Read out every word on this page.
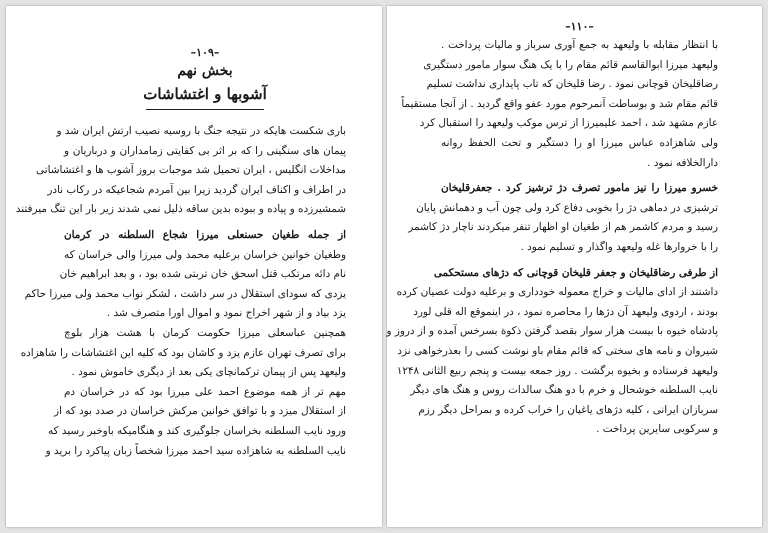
–۱۰۹–
بخش نهم
آشوبها و اغتشاشات
باری شکست هایکه در نتیجه جنگ با روسیه نصیب ارتش ایران شد و
پیمان های سنگینی را که بر اثر بی کفایتی زمامداران و درباریان و
مداخلات انگلیس ، ایران تحمیل شد موجبات بروز آشوب ها و اغتشاشاتی
در اطراف و اکناف ایران گردید زیرا بین آمردم شجاعیکه در رکاب نادر
شمشیرزده و پیاده و ببوده بدین ساقه ذلیل نمی شدند زیر بار این تنگ میرفتند
از جمله طغیان حسنعلی میرزا شجاع السلطنه در کرمان
وطغیان خوانین خراسان برعلیه محمد ولی میرزا والی خراسان که
نام دائه مرتکب قتل اسحق خان تربتی شده بود ، و بعد ابراهیم خان
یزدی که سودای استقلال در سر داشت ، لشکر نواب محمد ولی میرزا حاکم
یزد بیاد و از شهر اخراج نمود و اموال اورا متصرف شد .
همچنین عباسعلی میرزا حکومت کرمان با هشت هزار بلوچ
برای تصرف تهران عازم یزد و کاشان بود که کلیه این اغتشاشات را شاهزاده
ولیعهد پس از پیمان ترکمانچای یکی بعد از دیگری خاموش نمود .
مهم تر از همه موضوع احمد علی میرزا بود که در خراسان دم
از استقلال میزد و با توافق خوانین مرکش خراسان در صدد بود که از
ورود نایب السلطنه بخراسان جلوگیری کند و هنگامیکه باوخبر رسید که
نایب السلطنه به شاهزاده سید احمد میرزا شخصاً زبان پیاکرد را برید و
–۱۱۰–
با انتظار مقابله با ولیعهد به جمع آوری سرباز و مالیات پرداخت .
ولیعهد میرزا ابوالقاسم قائم مقام را با یک هنگ سوار مامور دستگیری
رضاقلیخان قوچانی نمود . رضا قلیخان که تاب پایداری نداشت تسلیم
قائم مقام شد و بوساطت آنمرحوم مورد عفو واقع گردید . از آنجا مستقیماً
عازم مشهد شد ، احمد علیمیرزا از ترس موکب ولیعهد را استقبال کرد
ولی شاهزاده عباس میرزا او را دستگیر و تحت الحفظ روانه
دارالخلافه نمود .
خسرو میرزا را نیز مامور تصرف دژ ترشیز کرد . جعفرقلیخان
ترشیزی در دماهی دژ را بخوبی دفاع کرد ولی چون آب و دهمانش پایان
رسید و مردم کاشمر هم از طغیان او اظهار تنفر میکردند ناچار دژ کاشمر
را با خروارها غله ولیعهد واگذار و تسلیم نمود .
از طرفی رضاقلیخان و جعفر قلیخان قوچانی که دژهای مستحکمی
داشتند از ادای مالیات و خراج معموله خودداری و برعلیه دولت عصیان کرده
بودند ، اردوی ولیعهد آن دژها را محاصره نمود ، در اینموقع اله قلی لورد
پادشاه خیوه با بیست هزار سوار بقصد گرفتن ذکوة بسرخس آمده و از دروز و
شیروان و نامه های سختی که قائم مقام باو نوشت کسی را بعذرخواهی نزد
ولیعهد فرستاده و بخیوه برگشت . روز جمعه بیست و پنجم ربیع الثانی ۱۲۴۸
نایب السلطنه خوشحال و خرم با دو هنگ سالدات روس و هنگ های دیگر
سربازان ایرانی ، کلیه دژهای یاغیان را خراب کرده و بمراحل دیگر رزم
و سرکوبی سایرین پرداخت .
